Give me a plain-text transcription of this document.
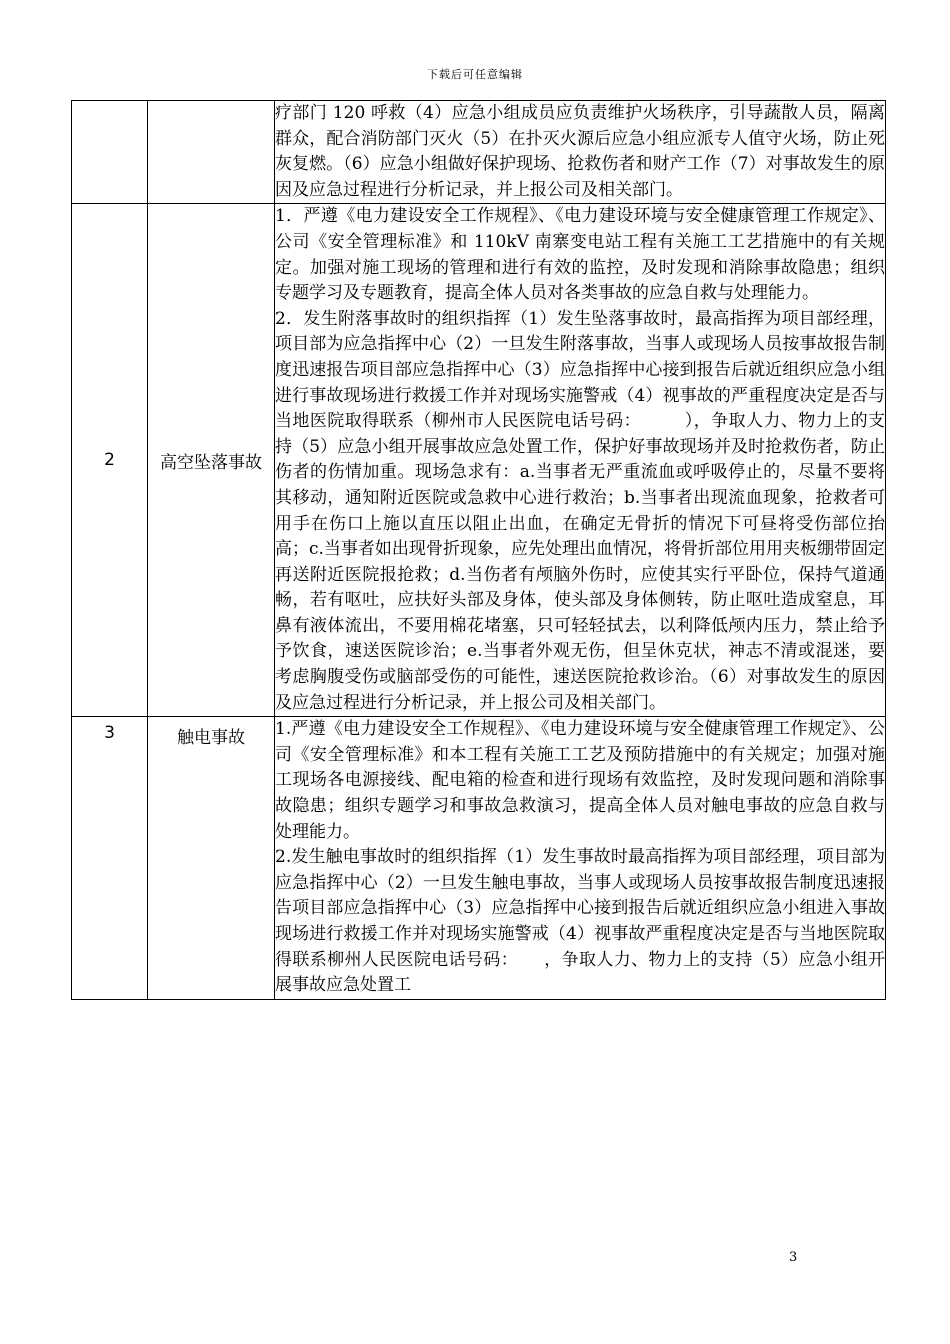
下载后可任意编辑

		疗部门 120 呼救（4）应急小组成员应负责维护火场秩序，引导蔬散人员，隔离群众，配合消防部门灭火（5）在扑灭火源后应急小组应派专人值守火场，防止死灰复燃。（6）应急小组做好保护现场、抢救伤者和财产工作（7）对事故发生的原因及应急过程进行分析记录，并上报公司及相关部门。

2	高空坠落事故	1．严遵《电力建设安全工作规程》、《电力建设环境与安全健康管理工作规定》、公司《安全管理标准》和 110kV 南寨变电站工程有关施工工艺措施中的有关规定。加强对施工现场的管理和进行有效的监控，及时发现和消除事故隐患；组织专题学习及专题教育，提高全体人员对各类事故的应急自救与处理能力。

2．发生附落事故时的组织指挥（1）发生坠落事故时，最高指挥为项目部经理，项目部为应急指挥中心（2）一旦发生附落事故，当事人或现场人员按事故报告制度迅速报告项目部应急指挥中心（3）应急指挥中心接到报告后就近组织应急小组进行事故现场进行救援工作并对现场实施警戒（4）视事故的严重程度决定是否与当地医院取得联系（柳州市人民医院电话号码：　　　），争取人力、物力上的支持（5）应急小组开展事故应急处置工作，保护好事故现场并及时抢救伤者，防止伤者的伤情加重。现场急求有：a.当事者无严重流血或呼吸停止的，尽量不要将其移动，通知附近医院或急救中心进行救治；b.当事者出现流血现象，抢救者可用手在伤口上施以直压以阻止出血，在确定无骨折的情况下可昼将受伤部位抬高；c.当事者如出现骨折现象，应先处理出血情况，将骨折部位用用夹板绷带固定再送附近医院报抢救；d.当伤者有颅脑外伤时，应使其实行平卧位，保持气道通畅，若有呕吐，应扶好头部及身体，使头部及身体侧转，防止呕吐造成窒息，耳鼻有液体流出，不要用棉花堵塞，只可轻轻拭去，以利降低颅内压力，禁止给予予饮食，速送医院诊治；e.当事者外观无伤，但呈休克状，神志不清或混迷，要考虑胸腹受伤或脑部受伤的可能性，速送医院抢救诊治。（6）对事故发生的原因及应急过程进行分析记录，并上报公司及相关部门。

3	触电事故	1.严遵《电力建设安全工作规程》、《电力建设环境与安全健康管理工作规定》、公司《安全管理标准》和本工程有关施工工艺及预防措施中的有关规定；加强对施工现场各电源接线、配电箱的检查和进行现场有效监控，及时发现问题和消除事故隐患；组织专题学习和事故急救演习，提高全体人员对触电事故的应急自救与处理能力。

2.发生触电事故时的组织指挥（1）发生事故时最高指挥为项目部经理，项目部为应急指挥中心（2）一旦发生触电事故，当事人或现场人员按事故报告制度迅速报告项目部应急指挥中心（3）应急指挥中心接到报告后就近组织应急小组进入事故现场进行救援工作并对现场实施警戒（4）视事故严重程度决定是否与当地医院取得联系柳州人民医院电话号码：　　，争取人力、物力上的支持（5）应急小组开展事故应急处置工

3
